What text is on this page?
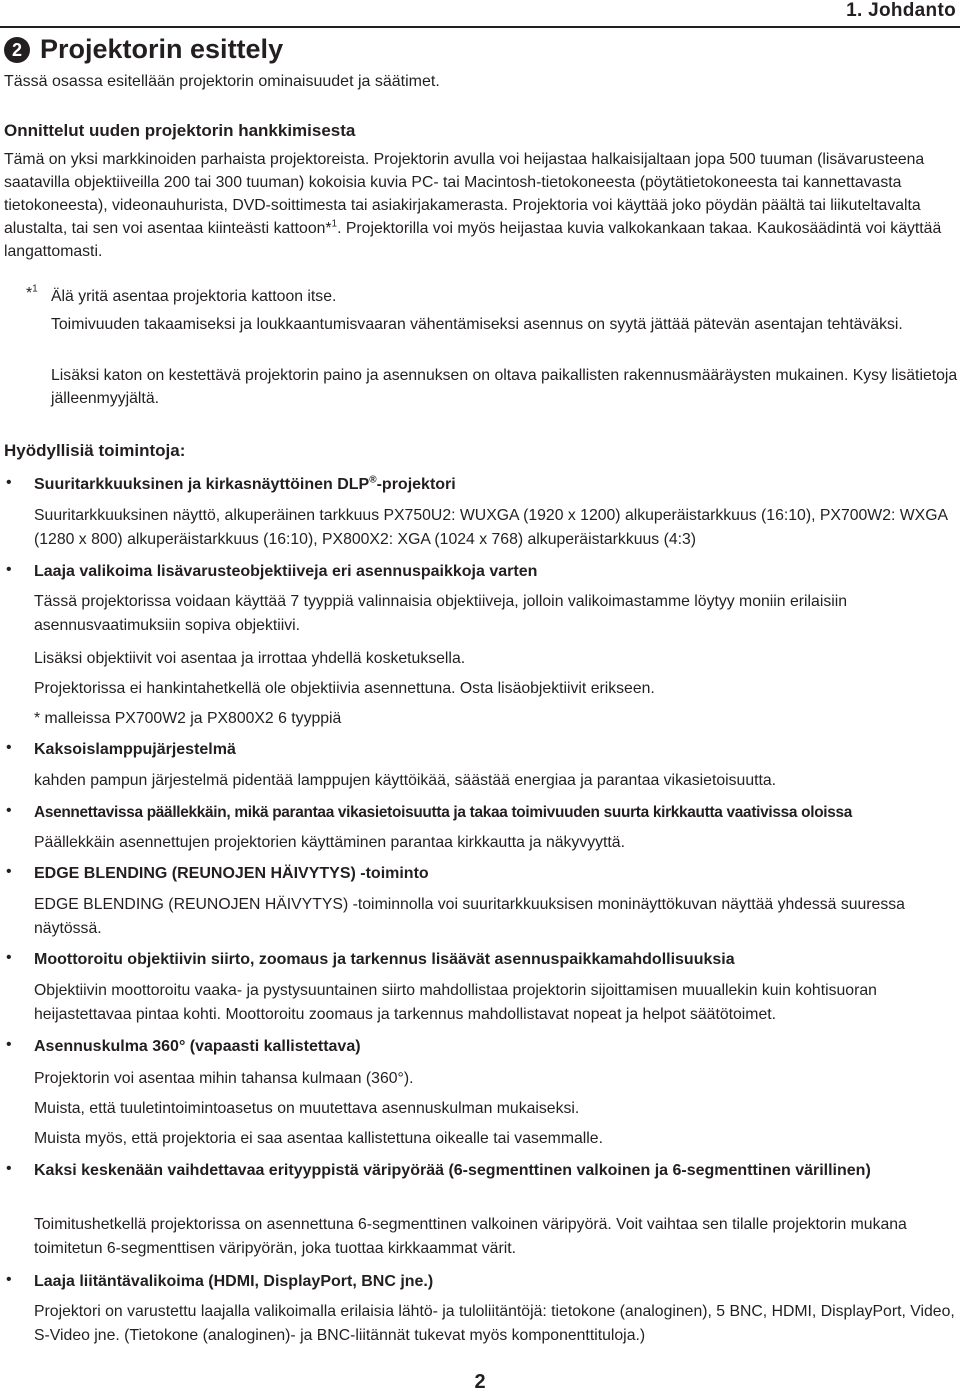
1. Johdanto
2 Projektorin esittely
Tässä osassa esitellään projektorin ominaisuudet ja säätimet.
Onnittelut uuden projektorin hankkimisesta
Tämä on yksi markkinoiden parhaista projektoreista. Projektorin avulla voi heijastaa halkaisijaltaan jopa 500 tuuman (lisävarusteena saatavilla objektiiveilla 200 tai 300 tuuman) kokoisia kuvia PC- tai Macintosh-tietokoneesta (pöytätietokoneesta tai kannettavasta tietokoneesta), videonauhurista, DVD-soittimesta tai asiakirjakamerasta. Projektoria voi käyttää joko pöydän päältä tai liikuteltavalta alustalta, tai sen voi asentaa kiinteästi kattoon*$^1$. Projektorilla voi myös heijastaa kuvia valkokankaan takaa. Kaukosäädintä voi käyttää langattomasti.
*$^1$ Älä yritä asentaa projektoria kattoon itse.
Toimivuuden takaamiseksi ja loukkaantumisvaaran vähentämiseksi asennus on syytä jättää pätevän asentajan tehtäväksi.
Lisäksi katon on kestettävä projektorin paino ja asennuksen on oltava paikallisten rakennusmääräysten mukainen. Kysy lisätietoja jälleenmyyjältä.
Hyödyllisiä toimintoja:
• Suuritarkkuuksinen ja kirkasnäyttöinen DLP®-projektori
Suuritarkkuuksinen näyttö, alkuperäinen tarkkuus PX750U2: WUXGA (1920 x 1200) alkuperäistarkkuus (16:10), PX700W2: WXGA (1280 x 800) alkuperäistarkkuus (16:10), PX800X2: XGA (1024 x 768) alkuperäistarkkuus (4:3)
• Laaja valikoima lisävarusteobjektiiveja eri asennuspaikkoja varten
Tässä projektorissa voidaan käyttää 7 tyyppiä valinnaisia objektiiveja, jolloin valikoimastamme löytyy moniin erilaisiin asennusvaatimuksiin sopiva objektiivi.
Lisäksi objektiivit voi asentaa ja irrottaa yhdellä kosketuksella.
Projektorissa ei hankintahetkellä ole objektiivia asennettuna. Osta lisäobjektiivit erikseen.
* malleissa PX700W2 ja PX800X2 6 tyyppiä
• Kaksoislamppujärjestelmä
kahden pampun järjestelmä pidentää lamppujen käyttöikää, säästää energiaa ja parantaa vikasietoisuutta.
• Asennettavissa päällekkäin, mikä parantaa vikasietoisuutta ja takaa toimivuuden suurta kirkkautta vaativissa oloissa
Päällekkäin asennettujen projektorien käyttäminen parantaa kirkkautta ja näkyvyyttä.
• EDGE BLENDING (REUNOJEN HÄIVYTYS) -toiminto
EDGE BLENDING (REUNOJEN HÄIVYTYS) -toiminnolla voi suuritarkkuuksisen moninäyttökuvan näyttää yhdessä suuressa näytössä.
• Moottoroitu objektiivin siirto, zoomaus ja tarkennus lisäävät asennuspaikkamahdollisuuksia
Objektiivin moottoroitu vaaka- ja pystysuuntainen siirto mahdollistaa projektorin sijoittamisen muuallekin kuin kohtisuoran heijastettavaa pintaa kohti. Moottoroitu zoomaus ja tarkennus mahdollistavat nopeat ja helpot säätötoimet.
• Asennuskulma 360° (vapaasti kallistettava)
Projektorin voi asentaa mihin tahansa kulmaan (360°).
Muista, että tuuletintoimintoasetus on muutettava asennuskulman mukaiseksi.
Muista myös, että projektoria ei saa asentaa kallistettuna oikealle tai vasemmalle.
• Kaksi keskenään vaihdettavaa erityyppistä väripyörää (6-segmenttinen valkoinen ja 6-segmenttinen värillinen)
Toimitushetkellä projektorissa on asennettuna 6-segmenttinen valkoinen väripyörä. Voit vaihtaa sen tilalle projektorin mukana toimitetun 6-segmenttisen väripyörän, joka tuottaa kirkkaammat värit.
• Laaja liitäntävalikoima (HDMI, DisplayPort, BNC jne.)
Projektori on varustettu laajalla valikoimalla erilaisia lähtö- ja tuloliitäntöjä: tietokone (analoginen), 5 BNC, HDMI, DisplayPort, Video, S-Video jne. (Tietokone (analoginen)- ja BNC-liitännät tukevat myös komponenttituloja.)
2
